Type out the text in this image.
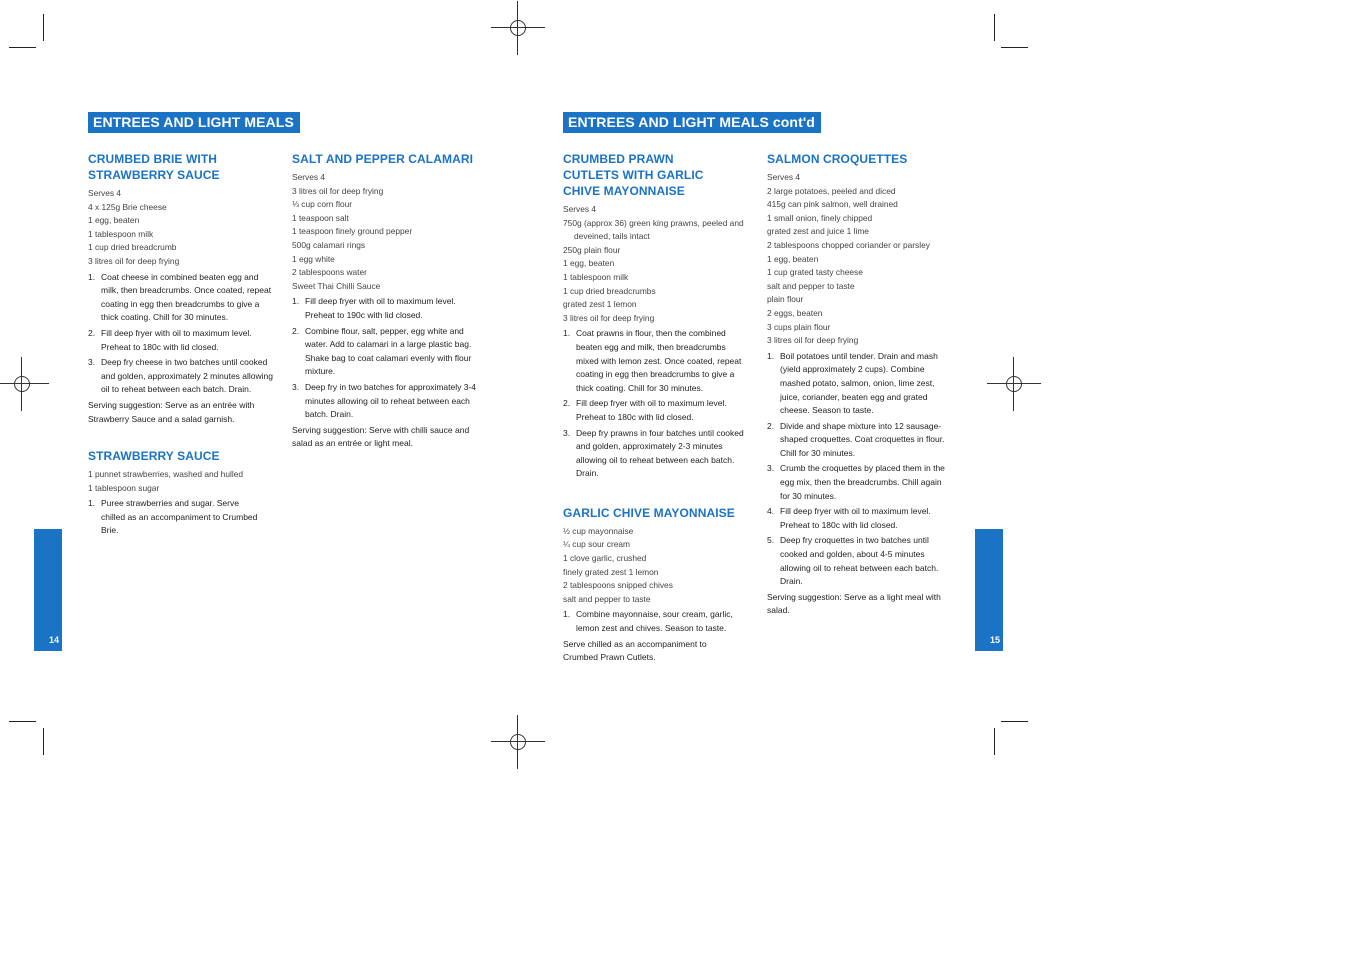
14	15
ENTREES AND LIGHT MEALS	ENTREES AND LIGHT MEALS cont'd
CRUMBED BRIE WITH STRAWBERRY SAUCE
Serves 4
4 x 125g Brie cheese
1 egg, beaten
1 tablespoon milk
1 cup dried breadcrumb
3 litres oil for deep frying
1. Coat cheese in combined beaten egg and milk, then breadcrumbs. Once coated, repeat coating in egg then breadcrumbs to give a thick coating. Chill for 30 minutes.
2. Fill deep fryer with oil to maximum level. Preheat to 180c with lid closed.
3. Deep fry cheese in two batches until cooked and golden, approximately 2 minutes allowing oil to reheat between each batch. Drain.

Serving suggestion: Serve as an entrée with Strawberry Sauce and a salad garnish.

STRAWBERRY SAUCE
1 punnet strawberries, washed and hulled
1 tablespoon sugar
1. Puree strawberries and sugar. Serve chilled as an accompaniment to Crumbed Brie.
SALT AND PEPPER CALAMARI
Serves 4
3 litres oil for deep frying
⅓ cup corn flour
1 teaspoon salt
1 teaspoon finely ground pepper
500g calamari rings
1 egg white
2 tablespoons water
Sweet Thai Chilli Sauce
1. Fill deep fryer with oil to maximum level. Preheat to 190c with lid closed.
2. Combine flour, salt, pepper, egg white and water. Add to calamari in a large plastic bag. Shake bag to coat calamari evenly with flour mixture.
3. Deep fry in two batches for approximately 3-4 minutes allowing oil to reheat between each batch. Drain.

Serving suggestion: Serve with chilli sauce and salad as an entrée or light meal.

CRUMBED PRAWN CUTLETS WITH GARLIC CHIVE MAYONNAISE
Serves 4
750g (approx 36) green king prawns, peeled and deveined, tails intact
250g plain flour
1 egg, beaten
1 tablespoon milk
1 cup dried breadcrumbs
grated zest 1 lemon
3 litres oil for deep frying
1. Coat prawns in flour, then the combined beaten egg and milk, then breadcrumbs mixed with lemon zest. Once coated, repeat coating in egg then breadcrumbs to give a thick coating. Chill for 30 minutes.
2. Fill deep fryer with oil to maximum level. Preheat to 180c with lid closed.
3. Deep fry prawns in four batches until cooked and golden, approximately 2-3 minutes allowing oil to reheat between each batch. Drain.
GARLIC CHIVE MAYONNAISE
½ cup mayonnaise
¼ cup sour cream
1 clove garlic, crushed
finely grated zest 1 lemon
2 tablespoons snipped chives
salt and pepper to taste
1. Combine mayonnaise, sour cream, garlic, lemon zest and chives. Season to taste.

Serve chilled as an accompaniment to Crumbed Prawn Cutlets.

SALMON CROQUETTES
Serves 4
2 large potatoes, peeled and diced
415g can pink salmon, well drained
1 small onion, finely chipped
grated zest and juice 1 lime
2 tablespoons chopped coriander or parsley
1 egg, beaten
1 cup grated tasty cheese
salt and pepper to taste
plain flour
2 eggs, beaten
3 cups plain flour
3 litres oil for deep frying
1. Boil potatoes until tender. Drain and mash (yield approximately 2 cups). Combine mashed potato, salmon, onion, lime zest, juice, coriander, beaten egg and grated cheese. Season to taste.
2. Divide and shape mixture into 12 sausage-shaped croquettes. Coat croquettes in flour. Chill for 30 minutes.
3. Crumb the croquettes by placed them in the egg mix, then the breadcrumbs. Chill again for 30 minutes.
4. Fill deep fryer with oil to maximum level. Preheat to 180c with lid closed.
5. Deep fry croquettes in two batches until cooked and golden, about 4-5 minutes allowing oil to reheat between each batch. Drain.

Serving suggestion: Serve as a light meal with salad.
